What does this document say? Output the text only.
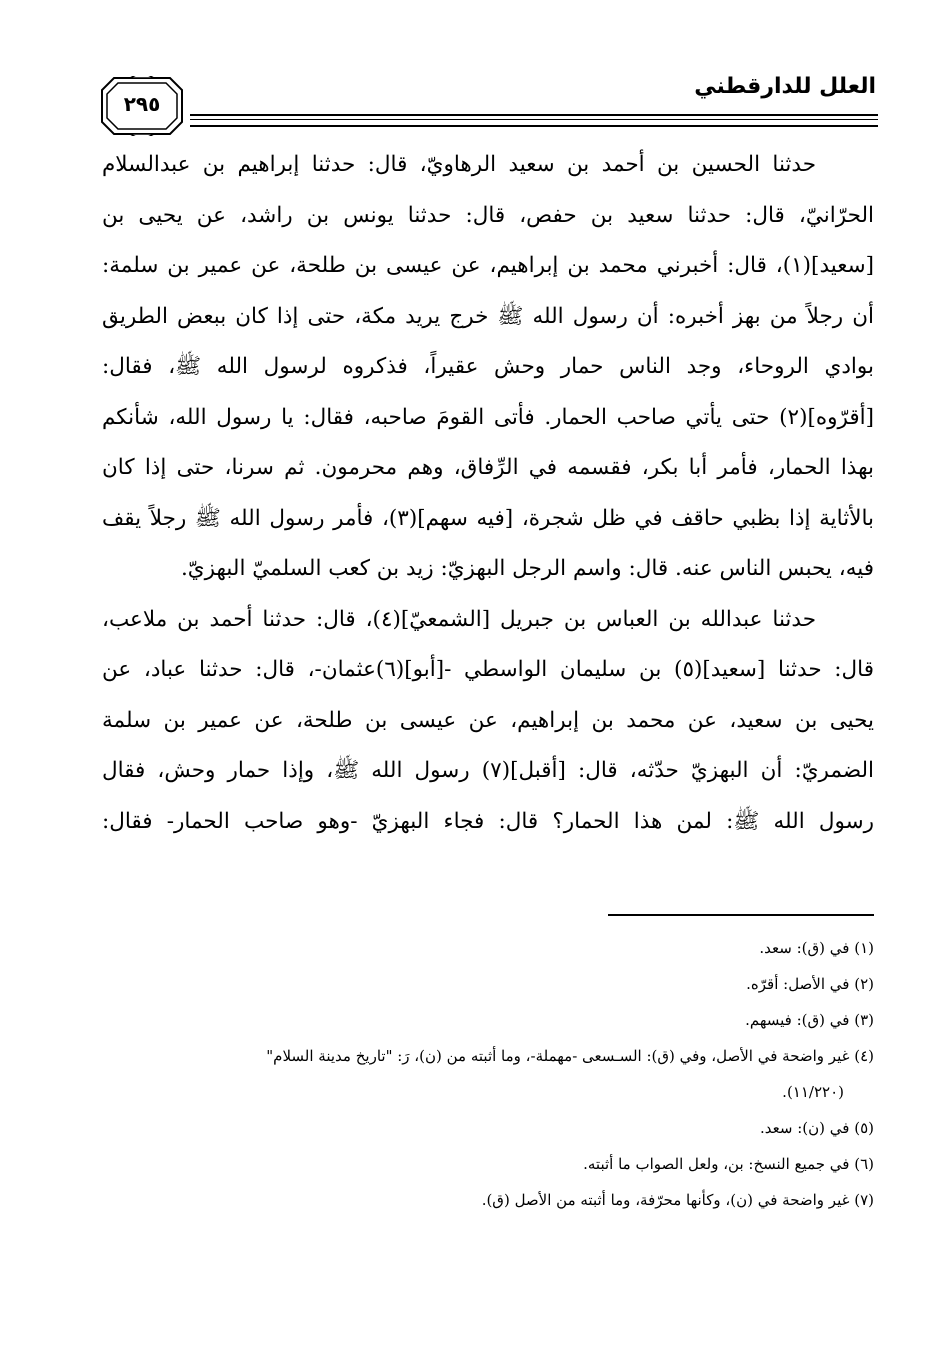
العلل للدارقطني
٢٩٥
حدثنا الحسين بن أحمد بن سعيد الرهاويّ، قال: حدثنا إبراهيم بن عبدالسلام
الحرّانيّ، قال: حدثنا سعيد بن حفص، قال: حدثنا يونس بن راشد، عن يحيى بن
[سعيد](١)، قال: أخبرني محمد بن إبراهيم، عن عيسى بن طلحة، عن عمير بن سلمة:
أن رجلاً من بهز أخبره: أن رسول الله ﷺ خرج يريد مكة، حتى إذا كان ببعض الطريق
بوادي الروحاء، وجد الناس حمار وحش عقيراً، فذكروه لرسول الله ﷺ، فقال:
[أقرّوه](٢) حتى يأتي صاحب الحمار. فأتى القومَ صاحبه، فقال: يا رسول الله، شأنكم
بهذا الحمار، فأمر أبا بكر، فقسمه في الرِّفاق، وهم محرمون. ثم سرنا، حتى إذا كان
بالأثاية إذا بظبي حاقف في ظل شجرة، [فيه سهم](٣)، فأمر رسول الله ﷺ رجلاً يقف
فيه، يحبس الناس عنه. قال: واسم الرجل البهزيّ: زيد بن كعب السلميّ البهزيّ.
حدثنا عبدالله بن العباس بن جبريل [الشمعيّ](٤)، قال: حدثنا أحمد بن ملاعب،
قال: حدثنا [سعيد](٥) بن سليمان الواسطي -[أبو](٦)عثمان-، قال: حدثنا عباد، عن
يحيى بن سعيد، عن محمد بن إبراهيم، عن عيسى بن طلحة، عن عمير بن سلمة
الضمريّ: أن البهزيّ حدّثه، قال: [أقبل](٧) رسول الله ﷺ، وإذا حمار وحش، فقال
رسول الله ﷺ: لمن هذا الحمار؟ قال: فجاء البهزيّ -وهو صاحب الحمار- فقال:
(١) في (ق): سعد.
(٢) في الأصل: أقرّه.
(٣) في (ق): فيسهم.
(٤) غير واضحة في الأصل، وفي (ق): السـسعى -مهملة-، وما أثبته من (ن)، رَ: "تاريخ مدينة السلام"
(١١/٢٢٠).
(٥) في (ن): سعد.
(٦) في جميع النسخ: بن، ولعل الصواب ما أثبته.
(٧) غير واضحة في (ن)، وكأنها محرّفة، وما أثبته من الأصل (ق).
